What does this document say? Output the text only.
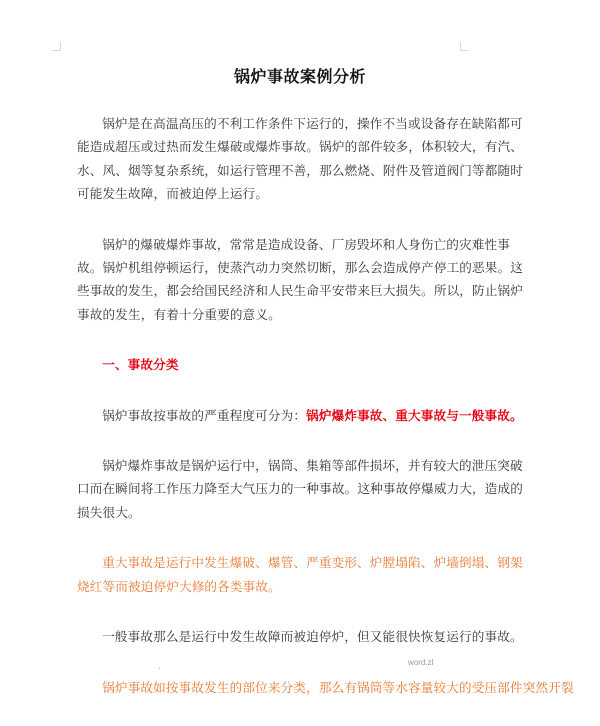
锅炉事故案例分析

锅炉是在高温高压的不利工作条件下运行的，操作不当或设备存在缺陷都可能造成超压或过热而发生爆破或爆炸事故。锅炉的部件较多，体积较大，有汽、水、风、烟等复杂系统，如运行管理不善，那么燃烧、附件及管道阀门等都随时可能发生故障，而被迫停上运行。

锅炉的爆破爆炸事故，常常是造成设备、厂房毁坏和人身伤亡的灾难性事故。锅炉机组停顿运行，使蒸汽动力突然切断，那么会造成停产停工的恶果。这些事故的发生，都会给国民经济和人民生命平安带来巨大损失。所以，防止锅炉事故的发生，有着十分重要的意义。

一、事故分类

锅炉事故按事故的严重程度可分为：锅炉爆炸事故、重大事故与一般事故。

锅炉爆炸事故是锅炉运行中，锅筒、集箱等部件损坏，并有较大的泄压突破口而在瞬间将工作压力降至大气压力的一种事故。这种事故停爆威力大，造成的损失很大。

重大事故是运行中发生爆破、爆管、严重变形、炉膛塌陷、炉墙倒塌、钢架烧红等而被迫停炉大修的各类事故。

一般事故那么是运行中发生故障而被迫停炉，但又能很快恢复运行的事故。

锅炉事故如按事故发生的部位来分类，那么有锅筒等水容量较大的受压部件突然开裂

.	word.zl
